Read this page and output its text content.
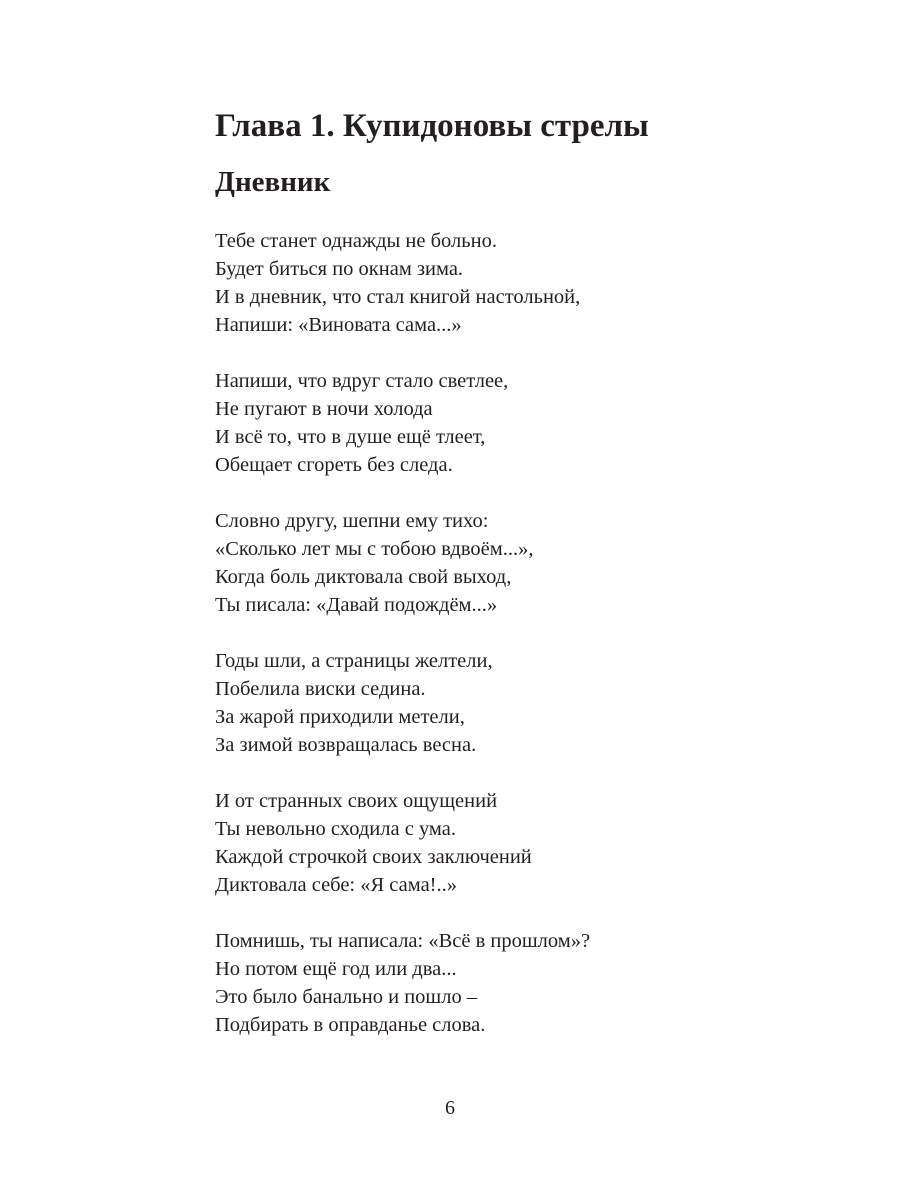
Глава 1. Купидоновы стрелы
Дневник

Тебе станет однажды не больно.
Будет биться по окнам зима.
И в дневник, что стал книгой настольной,
Напиши: «Виновата сама...»

Напиши, что вдруг стало светлее,
Не пугают в ночи холода
И всё то, что в душе ещё тлеет,
Обещает сгореть без следа.

Словно другу, шепни ему тихо:
«Сколько лет мы с тобою вдвоём...»,
Когда боль диктовала свой выход,
Ты писала: «Давай подождём...»

Годы шли, а страницы желтели,
Побелила виски седина.
За жарой приходили метели,
За зимой возвращалась весна.

И от странных своих ощущений
Ты невольно сходила с ума.
Каждой строчкой своих заключений
Диктовала себе: «Я сама!..»

Помнишь, ты написала: «Всё в прошлом»?
Но потом ещё год или два...
Это было банально и пошло –
Подбирать в оправданье слова.

6
